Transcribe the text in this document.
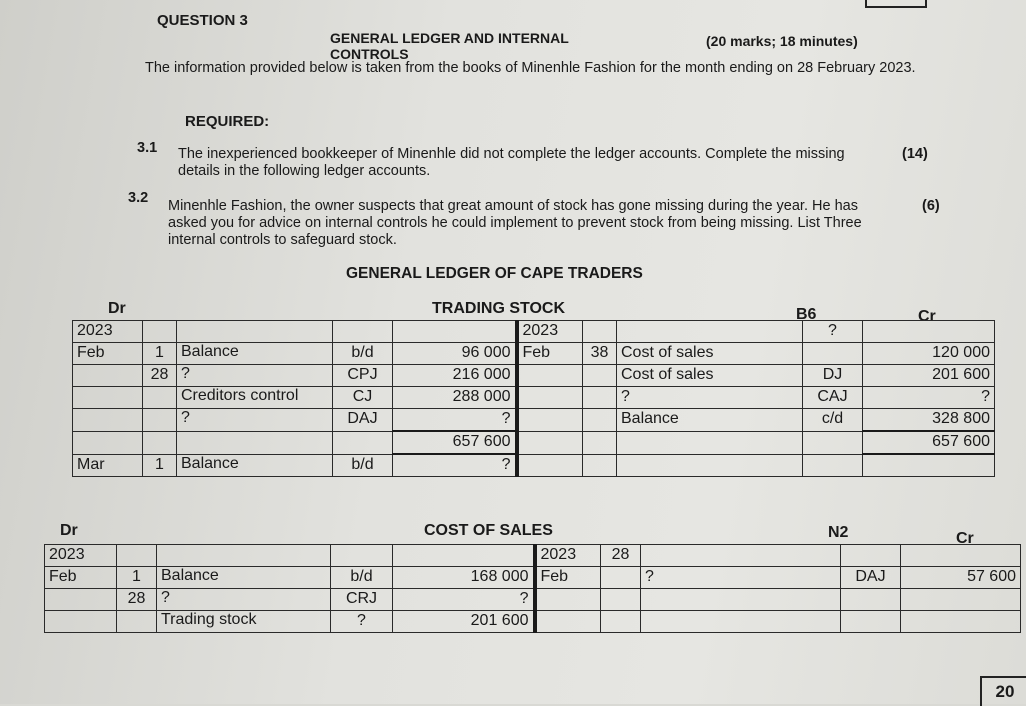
QUESTION 3
GENERAL LEDGER AND INTERNAL CONTROLS
(20 marks; 18 minutes)
The information provided below is taken from the books of Minenhle Fashion for the month ending on 28 February 2023.
REQUIRED:
3.1 The inexperienced bookkeeper of Minenhle did not complete the ledger accounts. Complete the missing details in the following ledger accounts.
(14)
3.2 Minenhle Fashion, the owner suspects that great amount of stock has gone missing during the year. He has asked you for advice on internal controls he could implement to prevent stock from being missing. List Three internal controls to safeguard stock.
(6)
GENERAL LEDGER OF CAPE TRADERS
Dr	TRADING STOCK	B6	Cr
2023					2023			?	
Feb	1	Balance	b/d	96 000	Feb	38	Cost of sales		120 000
	28	?	CPJ	216 000			Cost of sales	DJ	201 600
		Creditors control	CJ	288 000			?	CAJ	?
		?	DAJ	?			Balance	c/d	328 800
				657 600					657 600
Mar	1	Balance	b/d	?					
Dr	COST OF SALES	N2	Cr
2023					2023	28			
Feb	1	Balance	b/d	168 000	Feb		?	DAJ	57 600
	28	?	CRJ	?					
		Trading stock	?	201 600					
20
